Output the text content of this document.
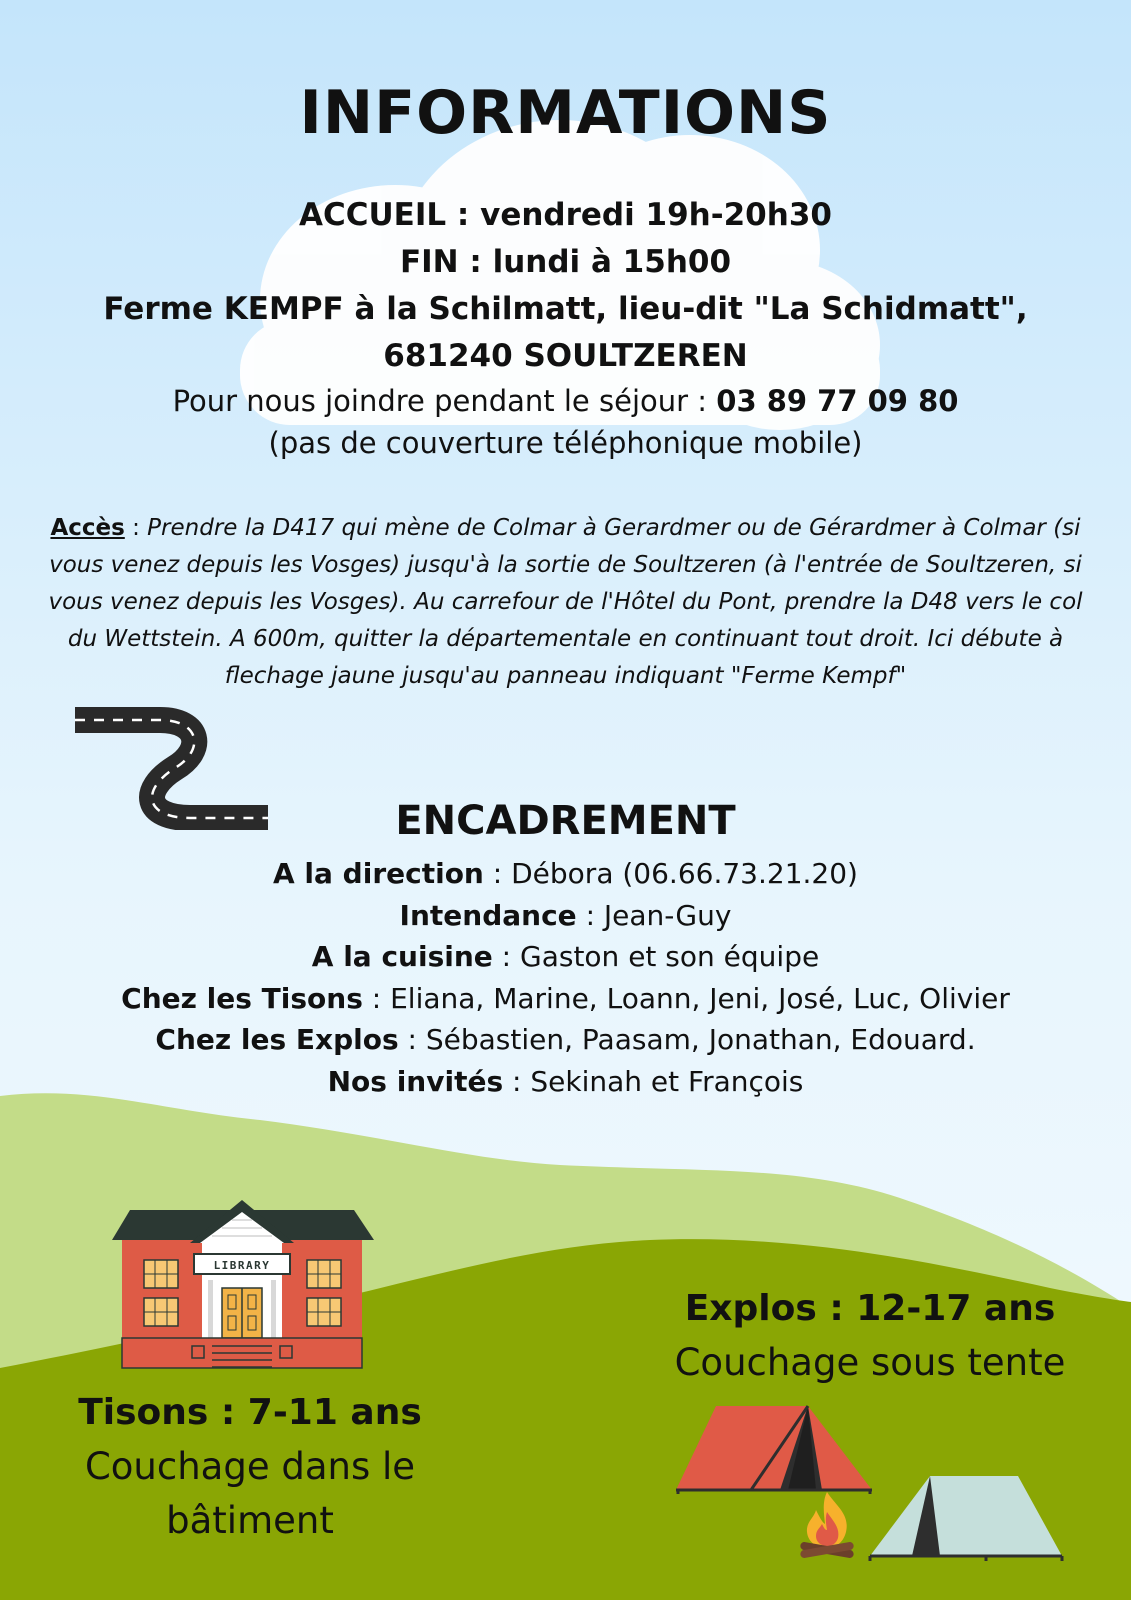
INFORMATIONS
ACCUEIL : vendredi 19h-20h30
FIN : lundi à 15h00
Ferme KEMPF à la Schilmatt, lieu-dit "La Schidmatt",
681240 SOULTZEREN
Pour nous joindre pendant le séjour : 03 89 77 09 80
(pas de couverture téléphonique mobile)
Accès : Prendre la D417 qui mène de Colmar à Gerardmer ou de Gérardmer à Colmar (si vous venez depuis les Vosges) jusqu'à la sortie de Soultzeren (à l'entrée de Soultzeren, si vous venez depuis les Vosges). Au carrefour de l'Hôtel du Pont, prendre la D48 vers le col du Wettstein. A 600m, quitter la départementale en continuant tout droit. Ici débute à flechage jaune jusqu'au panneau indiquant "Ferme Kempf"
ENCADREMENT
A la direction : Débora (06.66.73.21.20)
Intendance : Jean-Guy
A la cuisine : Gaston et son équipe
Chez les Tisons : Eliana, Marine, Loann, Jeni, José, Luc, Olivier
Chez les Explos : Sébastien, Paasam, Jonathan, Edouard.
Nos invités : Sekinah et François
LIBRARY
Tisons : 7-11 ans
Couchage dans le bâtiment
Explos : 12-17 ans
Couchage sous tente
